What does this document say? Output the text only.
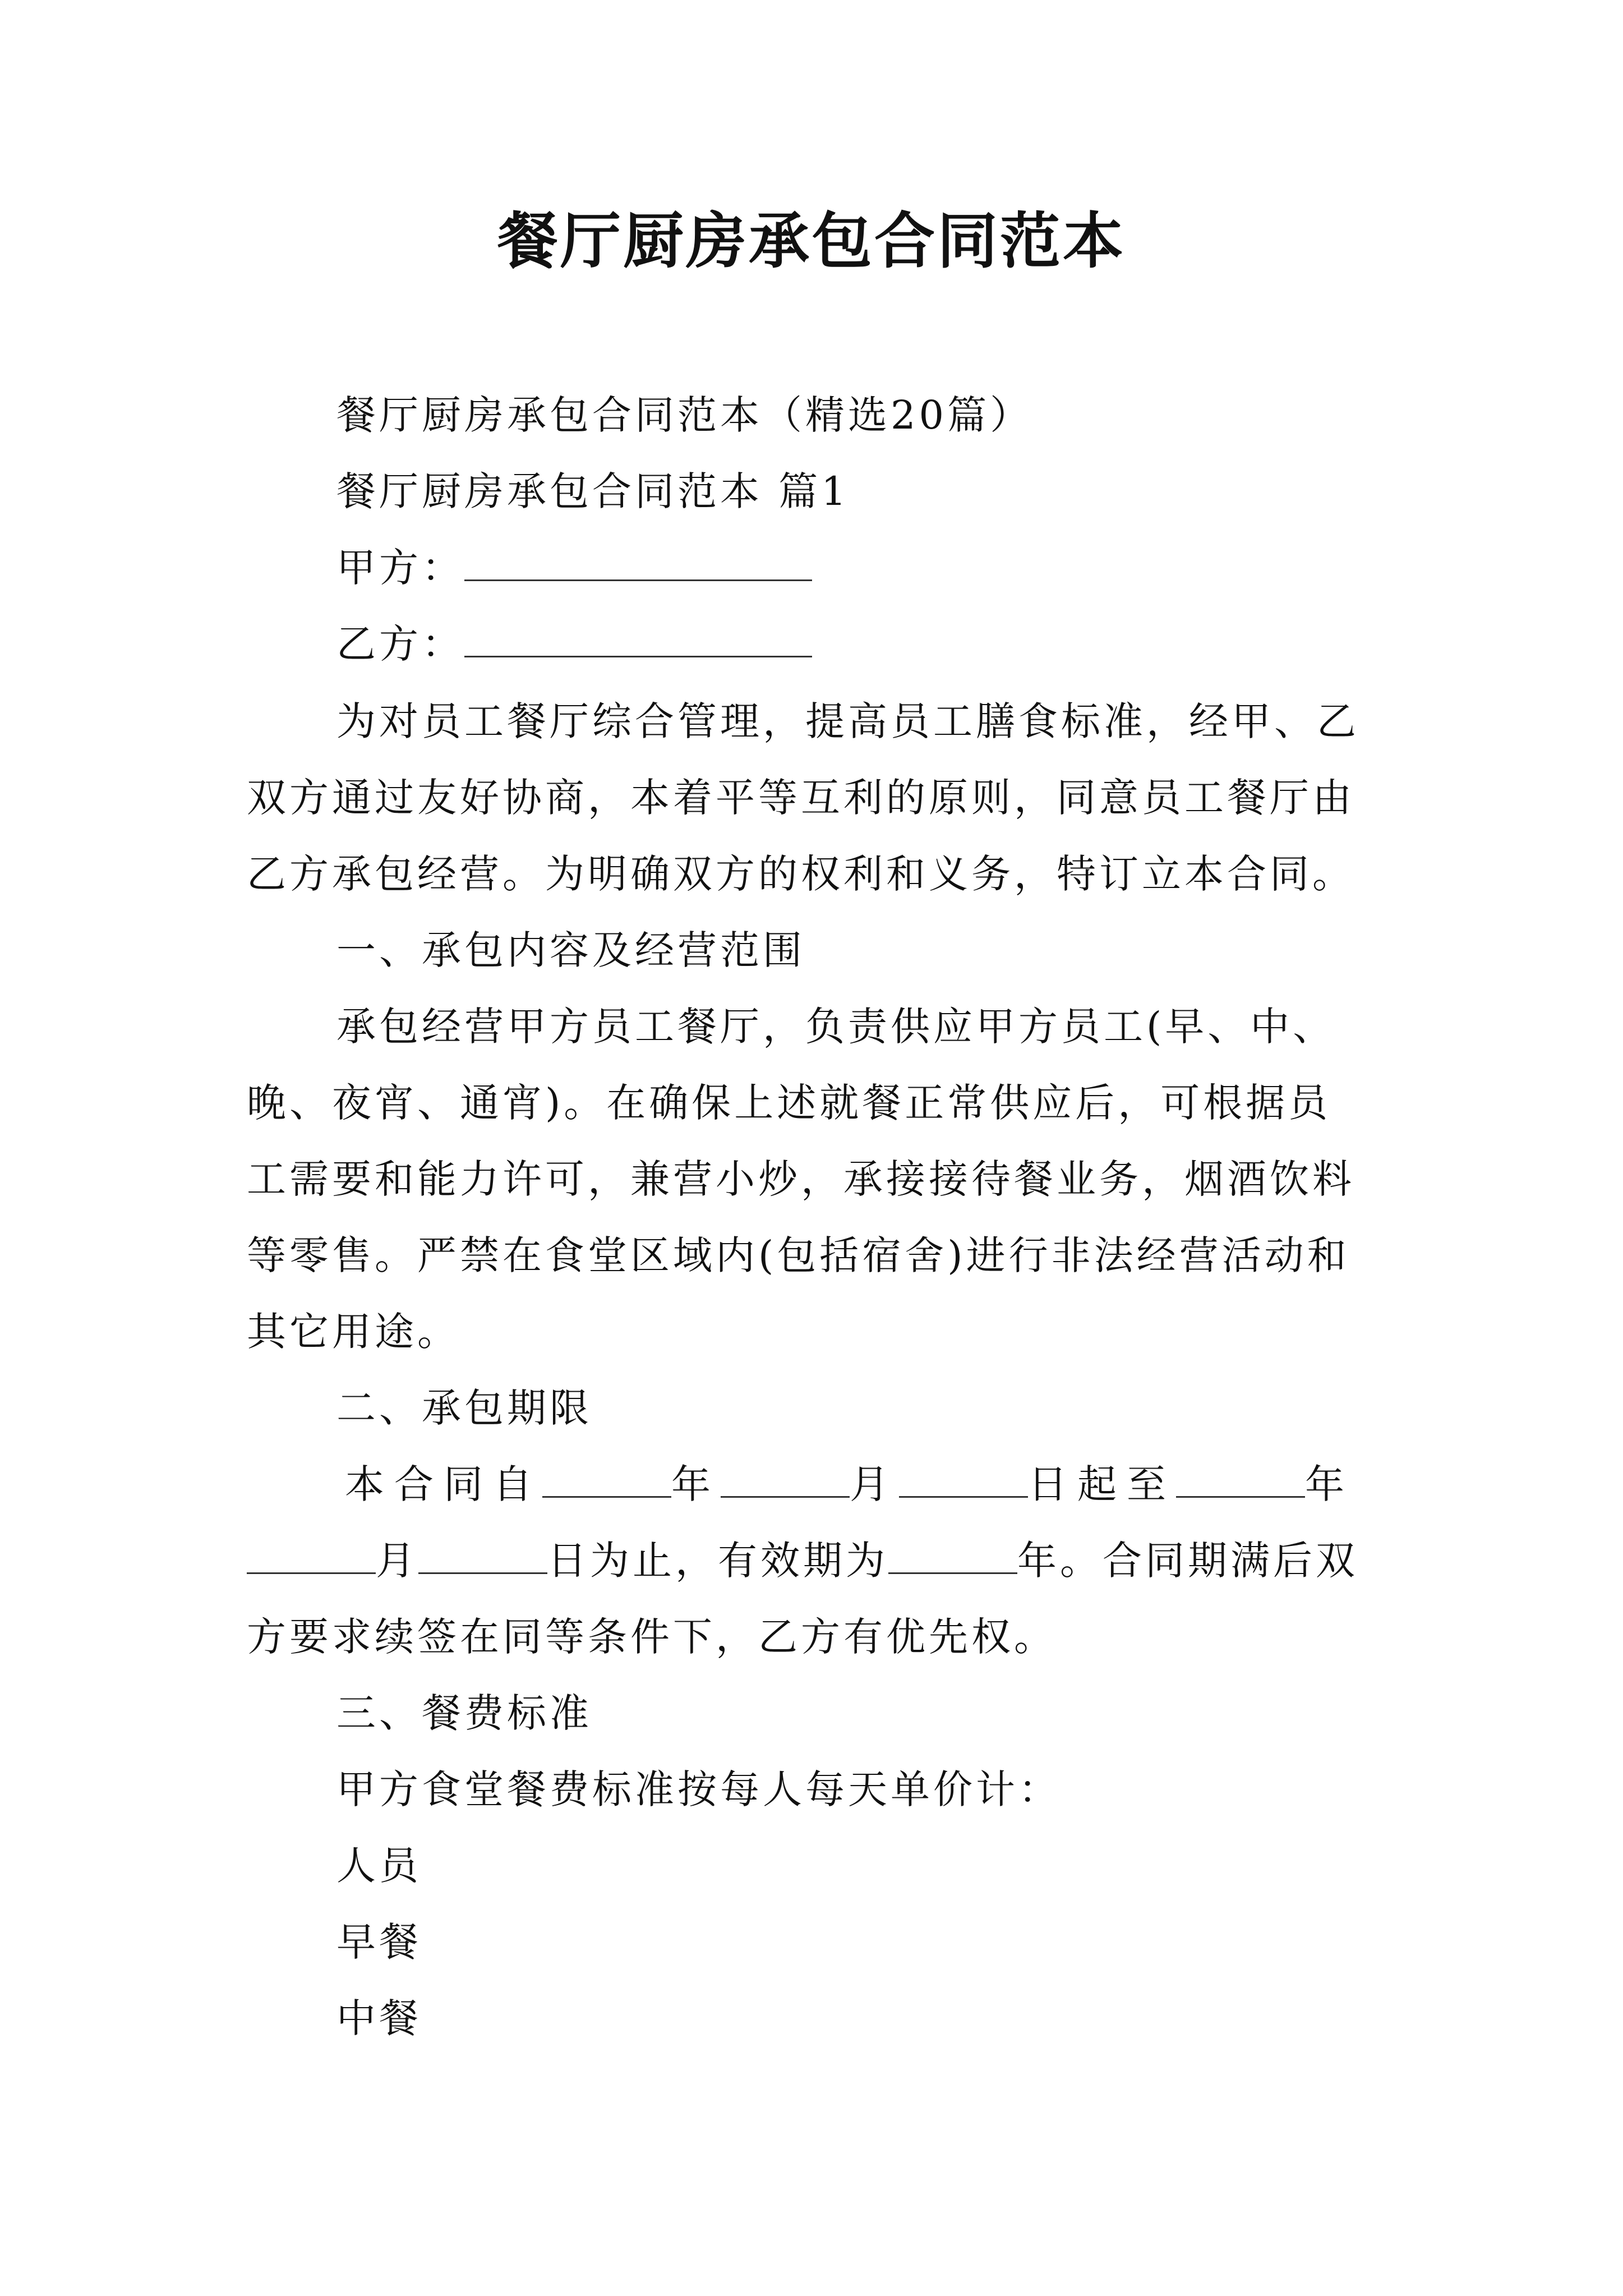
餐厅厨房承包合同范本
餐厅厨房承包合同范本（精选20篇）
餐厅厨房承包合同范本 篇1
甲方：
乙方：
为对员工餐厅综合管理，提高员工膳食标准，经甲、乙
双方通过友好协商，本着平等互利的原则，同意员工餐厅由
乙方承包经营。为明确双方的权利和义务，特订立本合同。
一、承包内容及经营范围
承包经营甲方员工餐厅，负责供应甲方员工(早、中、
晚、夜宵、通宵)。在确保上述就餐正常供应后，可根据员
工需要和能力许可，兼营小炒，承接接待餐业务，烟酒饮料
等零售。严禁在食堂区域内(包括宿舍)进行非法经营活动和
其它用途。
二、承包期限
本合同自	年	月	日起至	年
月	日为止，有效期为	年。合同期满后双
方要求续签在同等条件下，乙方有优先权。
三、餐费标准
甲方食堂餐费标准按每人每天单价计：
人员
早餐
中餐
